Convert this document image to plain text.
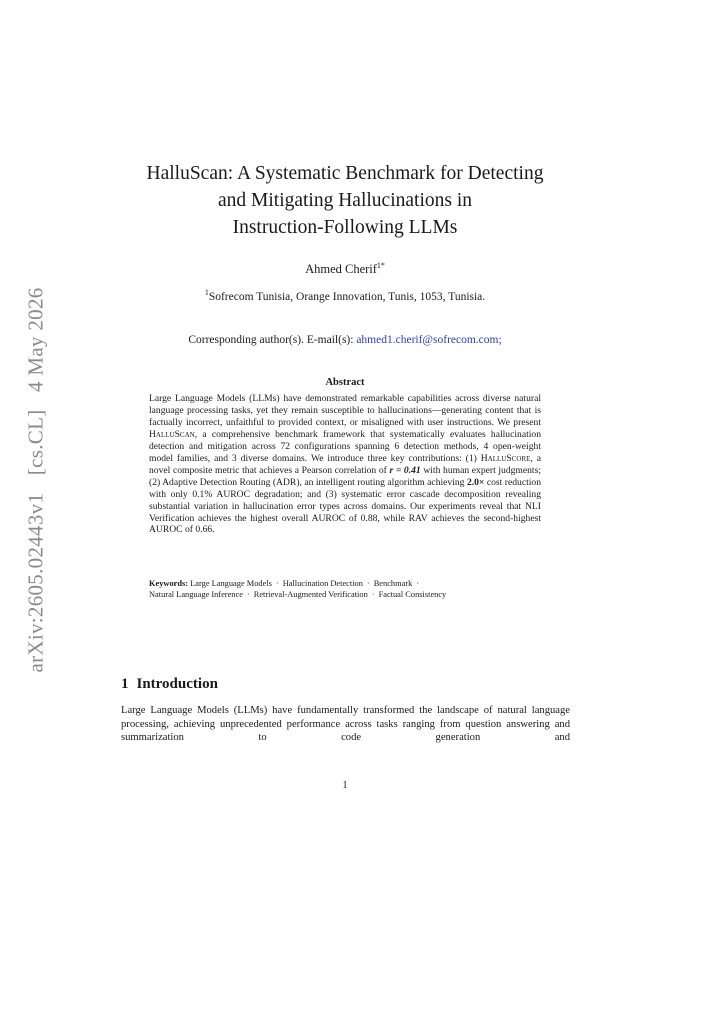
arXiv:2605.02443v1 [cs.CL] 4 May 2026
HalluScan: A Systematic Benchmark for Detecting
and Mitigating Hallucinations in
Instruction-Following LLMs
Ahmed Cherif$^{1*}$
$^1$Sofrecom Tunisia, Orange Innovation, Tunis, 1053, Tunisia.
Corresponding author(s). E-mail(s): ahmed1.cherif@sofrecom.com;
Abstract
Large Language Models (LLMs) have demonstrated remarkable capabilities across diverse natural language processing tasks, yet they remain susceptible to hallucinations—generating content that is factually incorrect, unfaithful to provided context, or misaligned with user instructions. We present HalluScan, a comprehensive benchmark framework that systematically evaluates hallucination detection and mitigation across 72 configurations spanning 6 detection methods, 4 open-weight model families, and 3 diverse domains. We introduce three key contributions: (1) HalluScore, a novel composite metric that achieves a Pearson correlation of r = 0.41 with human expert judgments; (2) Adaptive Detection Routing (ADR), an intelligent routing algorithm achieving 2.0× cost reduction with only 0.1% AUROC degradation; and (3) systematic error cascade decomposition revealing substantial variation in hallucination error types across domains. Our experiments reveal that NLI Verification achieves the highest overall AUROC of 0.88, while RAV achieves the second-highest AUROC of 0.66.
Keywords: Large Language Models · Hallucination Detection · Benchmark ·
Natural Language Inference · Retrieval-Augmented Verification · Factual Consistency
1 Introduction
Large Language Models (LLMs) have fundamentally transformed the landscape of natural language processing, achieving unprecedented performance across tasks ranging from question answering and summarization to code generation and
1
